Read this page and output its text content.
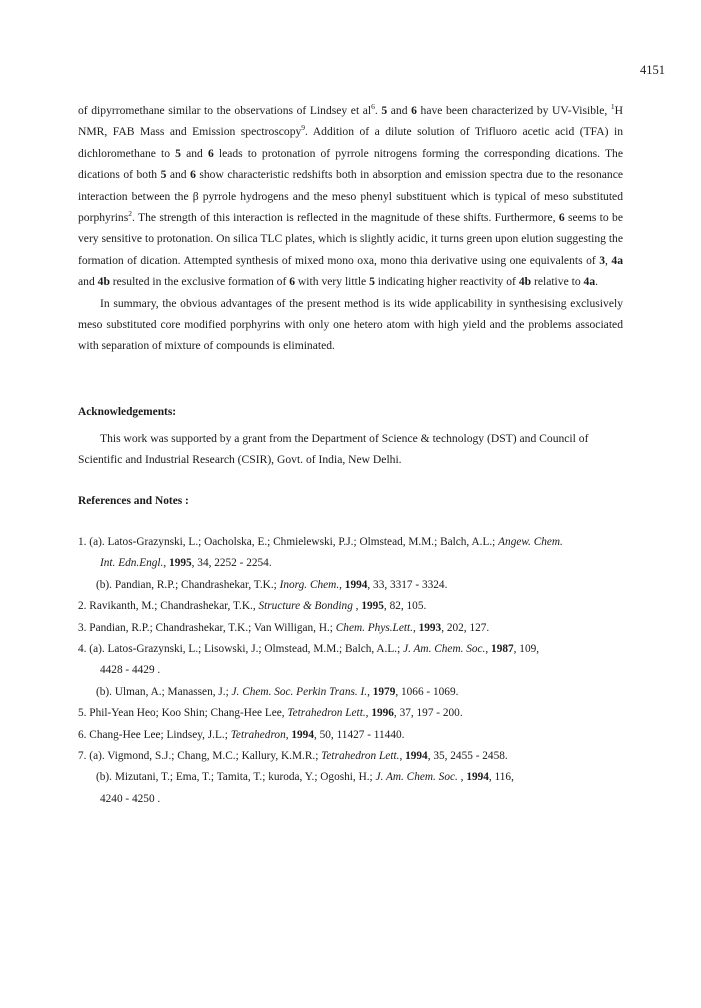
4151

of dipyrromethane similar to the observations of Lindsey et $al^6$. 5 and 6 have been characterized by UV-Visible, $^1$H NMR, FAB Mass and Emission spectroscopy$^9$. Addition of a dilute solution of Trifluoro acetic acid (TFA) in dichloromethane to 5 and 6 leads to protonation of pyrrole nitrogens forming the corresponding dications. The dications of both 5 and 6 show characteristic redshifts both in absorption and emission spectra due to the resonance interaction between the β pyrrole hydrogens and the meso phenyl substituent which is typical of meso substituted porphyrins$^2$. The strength of this interaction is reflected in the magnitude of these shifts. Furthermore, 6 seems to be very sensitive to protonation. On silica TLC plates, which is slightly acidic, it turns green upon elution suggesting the formation of dication. Attempted synthesis of mixed mono oxa, mono thia derivative using one equivalents of 3, 4a and 4b resulted in the exclusive formation of 6 with very little 5 indicating higher reactivity of 4b relative to 4a.

In summary, the obvious advantages of the present method is its wide applicability in synthesising exclusively meso substituted core modified porphyrins with only one hetero atom with high yield and the problems associated with separation of mixture of compounds is eliminated.

Acknowledgements:
This work was supported by a grant from the Department of Science & technology (DST) and Council of Scientific and Industrial Research (CSIR), Govt. of India, New Delhi.
References and Notes :
1. (a). Latos-Grazynski, L.; Oacholska, E.; Chmielewski, P.J.; Olmstead, M.M.; Balch, A.L.; Angew. Chem.
Int. Edn.Engl., 1995, 34, 2252 - 2254.
(b). Pandian, R.P.; Chandrashekar, T.K.; Inorg. Chem., 1994, 33, 3317 - 3324.
2. Ravikanth, M.; Chandrashekar, T.K., Structure & Bonding , 1995, 82, 105.
3. Pandian, R.P.; Chandrashekar, T.K.; Van Willigan, H.; Chem. Phys.Lett., 1993, 202, 127.
4. (a). Latos-Grazynski, L.; Lisowski, J.; Olmstead, M.M.; Balch, A.L.; J. Am. Chem. Soc., 1987, 109,
4428 - 4429 .
(b). Ulman, A.; Manassen, J.; J. Chem. Soc. Perkin Trans. I., 1979, 1066 - 1069.
5. Phil-Yean Heo; Koo Shin; Chang-Hee Lee, Tetrahedron Lett., 1996, 37, 197 - 200.
6. Chang-Hee Lee; Lindsey, J.L.; Tetrahedron, 1994, 50, 11427 - 11440.
7. (a). Vigmond, S.J.; Chang, M.C.; Kallury, K.M.R.; Tetrahedron Lett., 1994, 35, 2455 - 2458.
(b). Mizutani, T.; Ema, T.; Tamita, T.; kuroda, Y.; Ogoshi, H.; J. Am. Chem. Soc. , 1994, 116,
4240 - 4250 .
